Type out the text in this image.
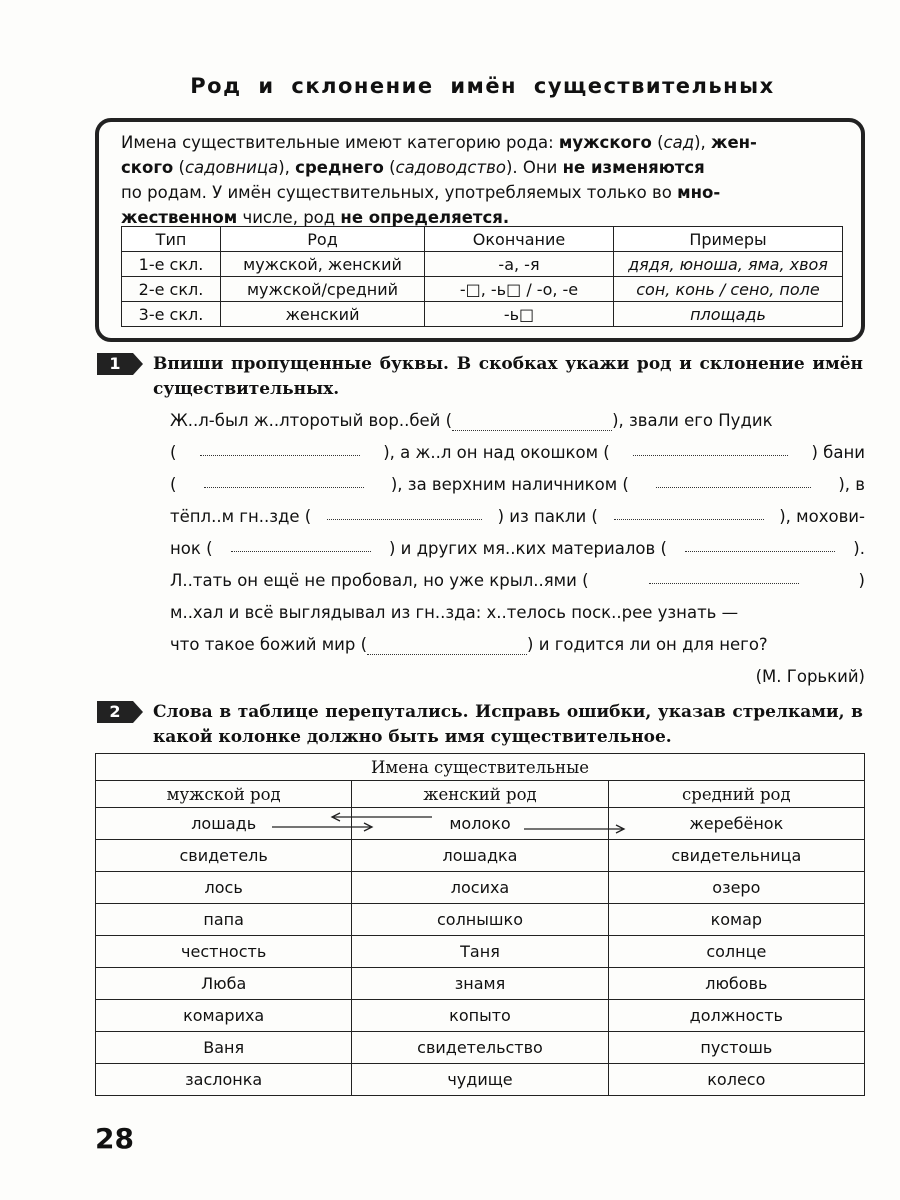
Род и склонение имён существительных
Имена существительные имеют категорию рода: мужского (сад), жен-
ского (садовница), среднего (садоводство). Они не изменяются
по родам. У имён существительных, употребляемых только во мно-
жественном числе, род не определяется.
Тип	Род	Окончание	Примеры
1-е скл.	мужской, женский	-а, -я	дядя, юноша, яма, хвоя
2-е скл.	мужской/средний	-□, -ь□ / -о, -е	сон, конь / сено, поле
3-е скл.	женский	-ь□	площадь
1	Впиши пропущенные буквы. В скобках укажи род и склонение имён существительных.
Ж..л-был ж..лторотый вор..бей (	), звали его Пудик
(	), а ж..л он над окошком (	) бани
(	), за верхним наличником (	), в
тёпл..м гн..зде (	) из пакли (	), мохови-
нок (	) и других мя..ких материалов (	).
Л..тать он ещё не пробовал, но уже крыл..ями (	)
м..хал и всё выглядывал из гн..зда: х..телось поск..рее узнать —
что такое божий мир (	) и годится ли он для него?
(М. Горький)
2	Слова в таблице перепутались. Исправь ошибки, указав стрелками, в какой колонке должно быть имя существительное.
Имена существительные		
мужской род	женский род	средний род
лошадь	молоко	жеребёнок
свидетель	лошадка	свидетельница
лось	лосиха	озеро
папа	солнышко	комар
честность	Таня	солнце
Люба	знамя	любовь
комариха	копыто	должность
Ваня	свидетельство	пустошь
заслонка	чудище	колесо
28
